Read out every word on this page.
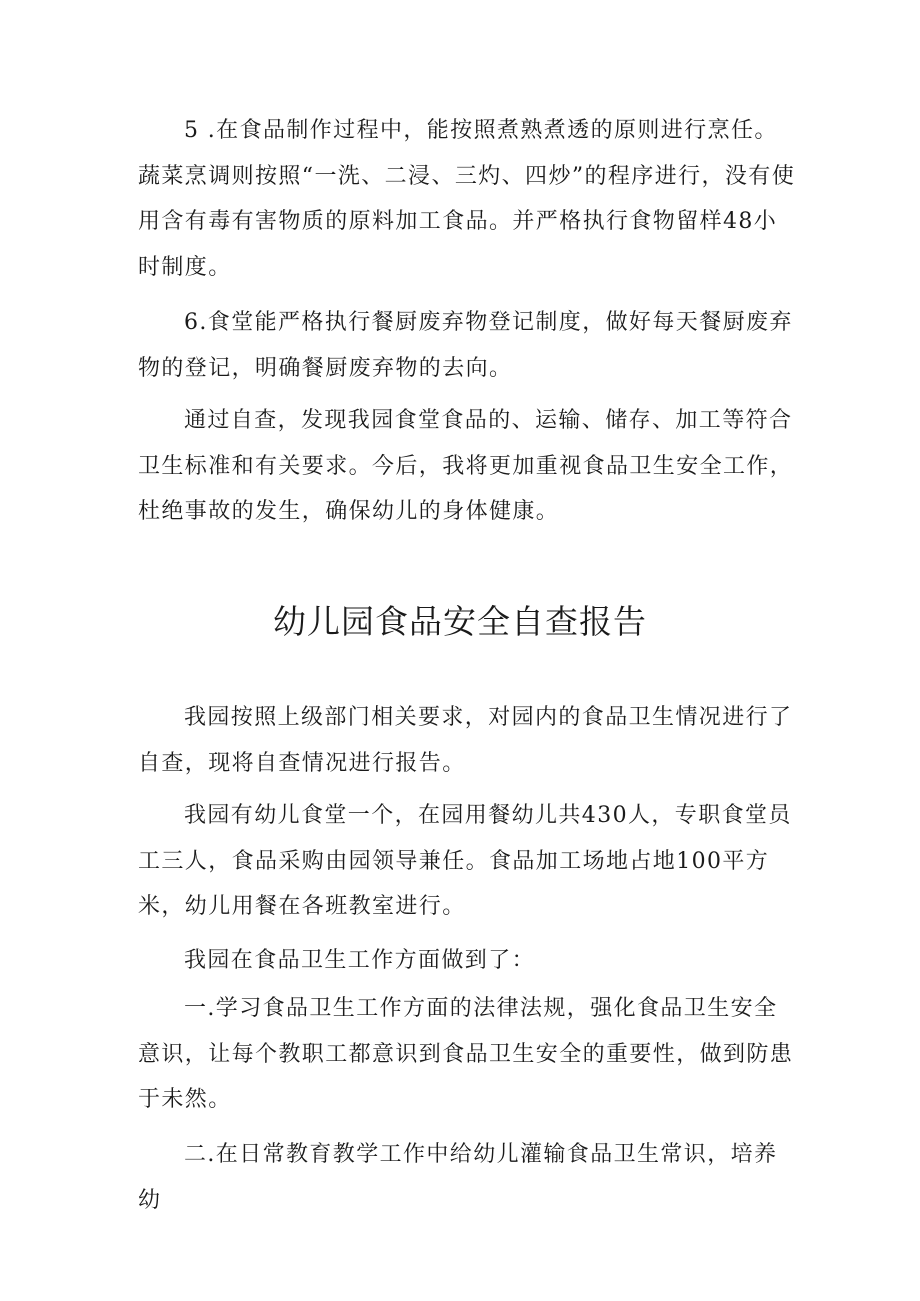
5 .在食品制作过程中，能按照煮熟煮透的原则进行烹任。蔬菜烹调则按照“一洗、二浸、三灼、四炒”的程序进行，没有使用含有毒有害物质的原料加工食品。并严格执行食物留样48小时制度。

6.食堂能严格执行餐厨废弃物登记制度，做好每天餐厨废弃物的登记，明确餐厨废弃物的去向。

通过自查，发现我园食堂食品的、运输、储存、加工等符合卫生标准和有关要求。今后，我将更加重视食品卫生安全工作，杜绝事故的发生，确保幼儿的身体健康。

幼儿园食品安全自查报告

我园按照上级部门相关要求，对园内的食品卫生情况进行了自查，现将自查情况进行报告。

我园有幼儿食堂一个，在园用餐幼儿共430人，专职食堂员工三人，食品采购由园领导兼任。食品加工场地占地100平方米，幼儿用餐在各班教室进行。

我园在食品卫生工作方面做到了：

一.学习食品卫生工作方面的法律法规，强化食品卫生安全意识，让每个教职工都意识到食品卫生安全的重要性，做到防患于未然。

二.在日常教育教学工作中给幼儿灌输食品卫生常识，培养幼
